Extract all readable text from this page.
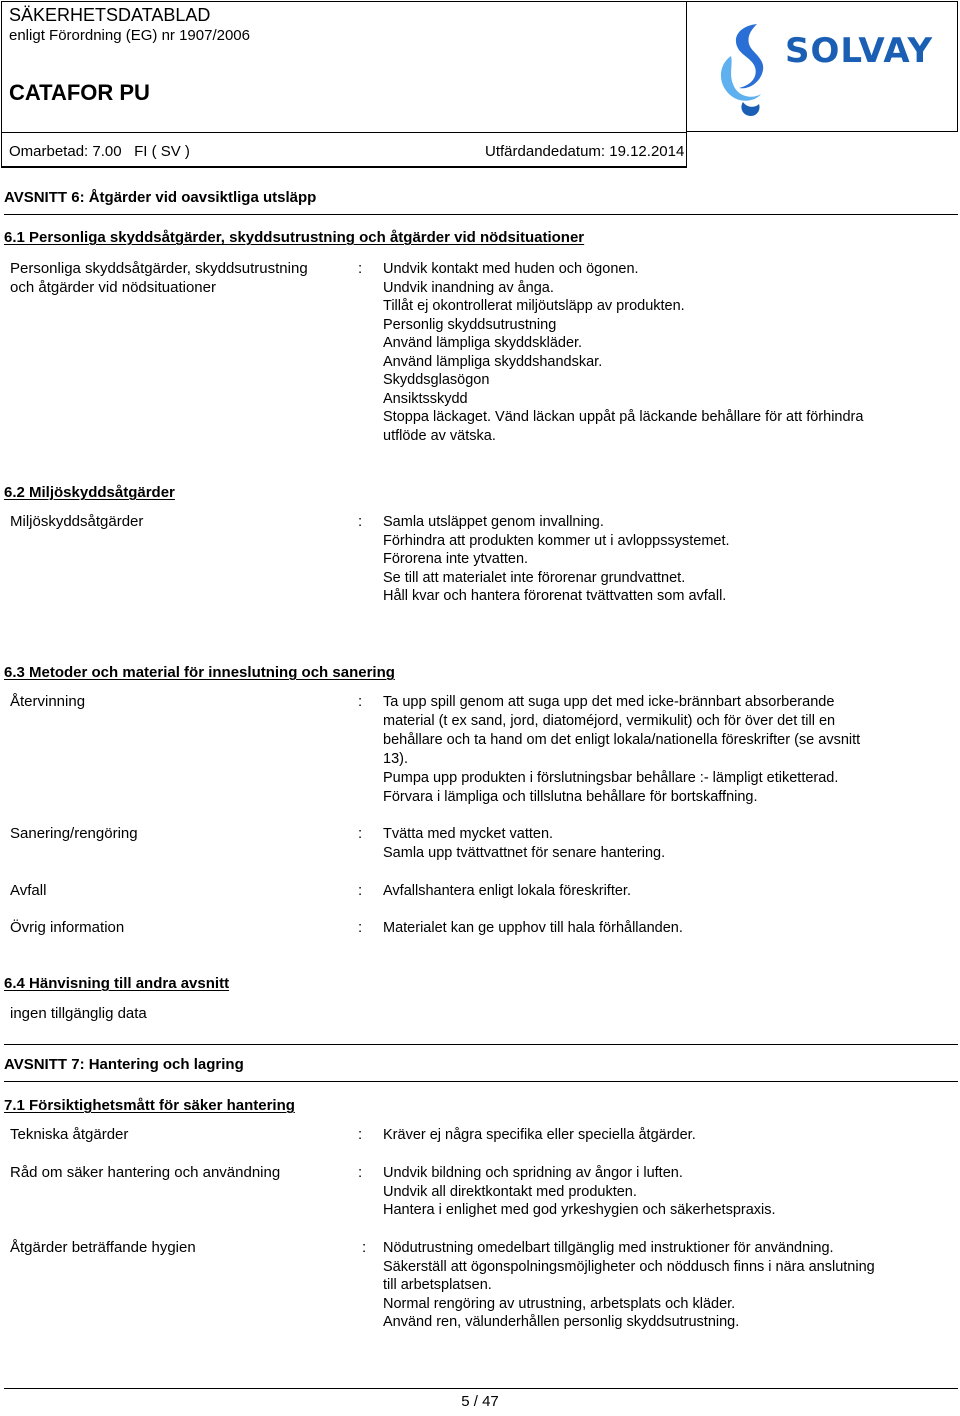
SÄKERHETSDATABLAD
enligt Förordning (EG) nr 1907/2006
CATAFOR PU
Omarbetad: 7.00   FI ( SV )	Utfärdandedatum: 19.12.2014
SOLVAY
AVSNITT 6: Åtgärder vid oavsiktliga utsläpp
6.1 Personliga skyddsåtgärder, skyddsutrustning och åtgärder vid nödsituationer
Personliga skyddsåtgärder, skyddsutrustning
och åtgärder vid nödsituationer
: Undvik kontakt med huden och ögonen.
Undvik inandning av ånga.
Tillåt ej okontrollerat miljöutsläpp av produkten.
Personlig skyddsutrustning
Använd lämpliga skyddskläder.
Använd lämpliga skyddshandskar.
Skyddsglasögon
Ansiktsskydd
Stoppa läckaget. Vänd läckan uppåt på läckande behållare för att förhindra
utflöde av vätska.
6.2 Miljöskyddsåtgärder
Miljöskyddsåtgärder	: Samla utsläppet genom invallning.
Förhindra att produkten kommer ut i avloppssystemet.
Förorena inte ytvatten.
Se till att materialet inte förorenar grundvattnet.
Håll kvar och hantera förorenat tvättvatten som avfall.
6.3 Metoder och material för inneslutning och sanering
Återvinning	: Ta upp spill genom att suga upp det med icke-brännbart absorberande
material (t ex sand, jord, diatoméjord, vermikulit) och för över det till en
behållare och ta hand om det enligt lokala/nationella föreskrifter (se avsnitt
13).
Pumpa upp produkten i förslutningsbar behållare :- lämpligt etiketterad.
Förvara i lämpliga och tillslutna behållare för bortskaffning.
Sanering/rengöring	: Tvätta med mycket vatten.
Samla upp tvättvattnet för senare hantering.
Avfall	: Avfallshantera enligt lokala föreskrifter.
Övrig information	: Materialet kan ge upphov till hala förhållanden.
6.4 Hänvisning till andra avsnitt
ingen tillgänglig data
AVSNITT 7: Hantering och lagring
7.1 Försiktighetsmått för säker hantering
Tekniska åtgärder	: Kräver ej några specifika eller speciella åtgärder.
Råd om säker hantering och användning	: Undvik bildning och spridning av ångor i luften.
Undvik all direktkontakt med produkten.
Hantera i enlighet med god yrkeshygien och säkerhetspraxis.
Åtgärder beträffande hygien	: Nödutrustning omedelbart tillgänglig med instruktioner för användning.
Säkerställ att ögonspolningsmöjligheter och nöddusch finns i nära anslutning
till arbetsplatsen.
Normal rengöring av utrustning, arbetsplats och kläder.
Använd ren, välunderhållen personlig skyddsutrustning.
5 / 47
